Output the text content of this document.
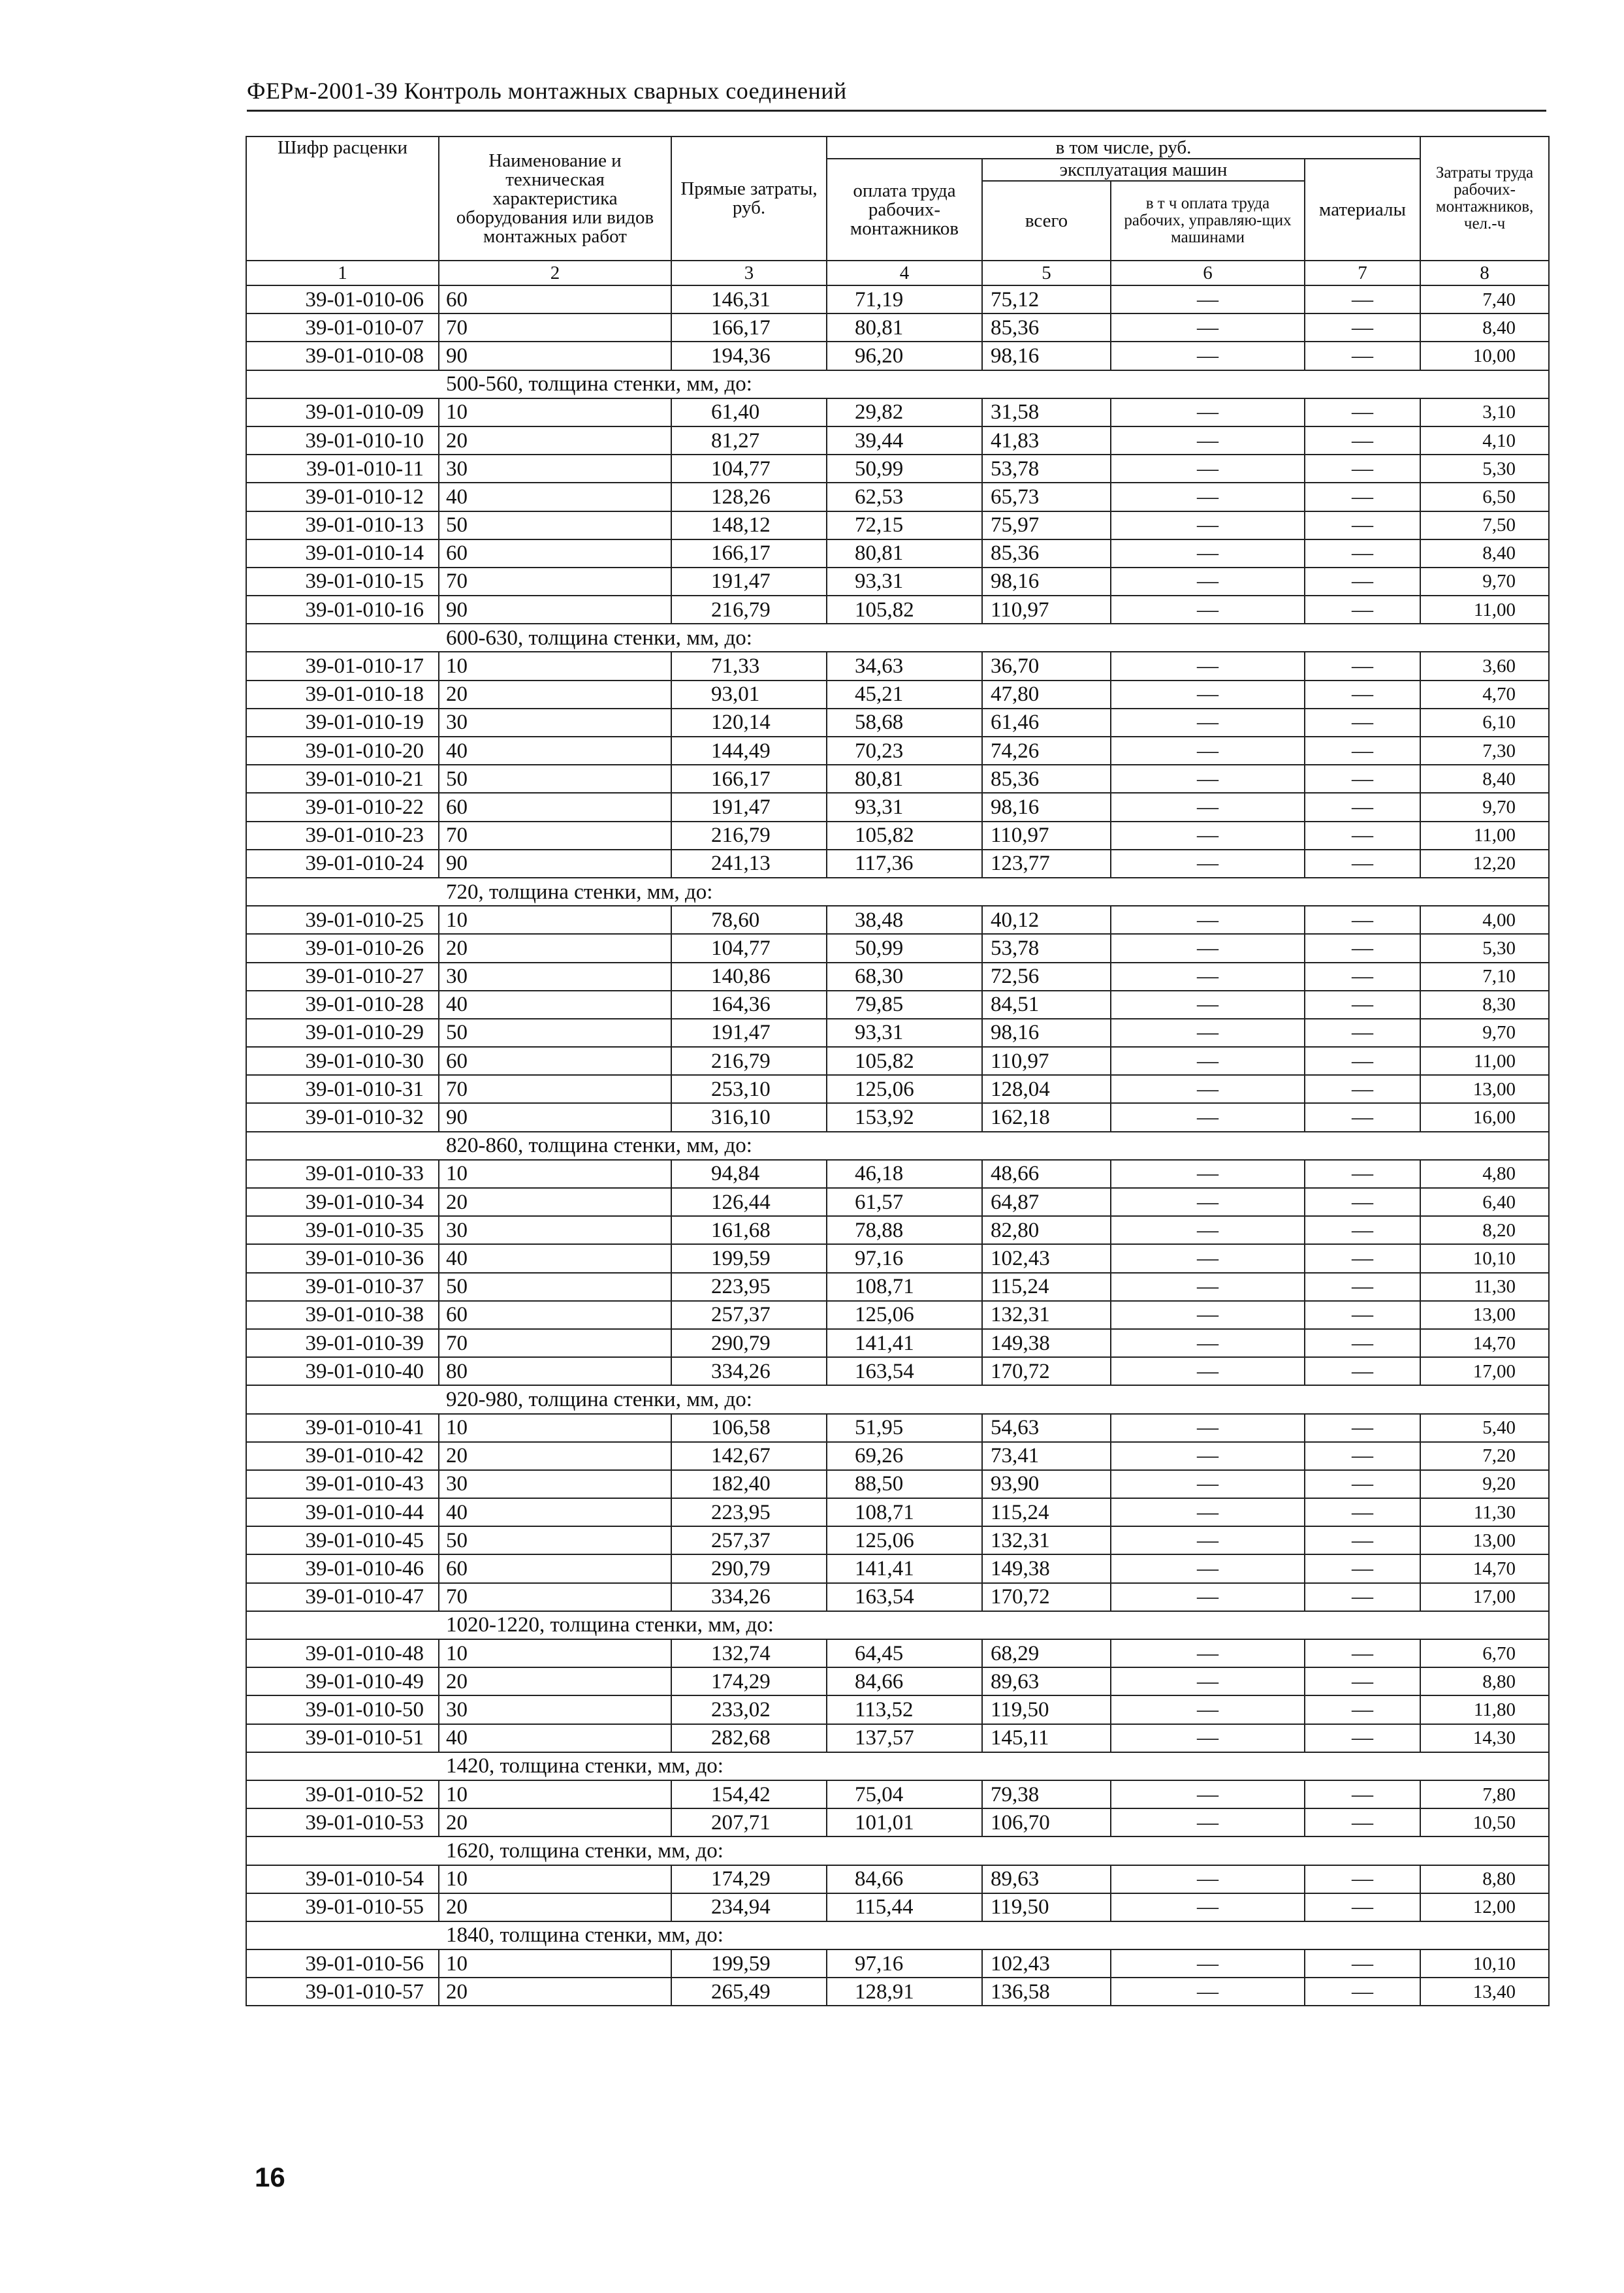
ФЕРм-2001-39 Контроль монтажных сварных соединений
Шифр расценки	Наименование и техническая характеристика оборудования или видов монтажных работ	Прямые затраты, руб.	в том числе, руб.				Затраты труда рабочих-монтажников, чел.-ч
			оплата труда рабочих-монтажников	эксплуатация машин		материалы	
				всего	в т ч оплата труда рабочих, управляю-щих машинами		
1	2	3	4	5	6	7	8
39-01-010-06	60	146,31	71,19	75,12	—	—	7,40
39-01-010-07	70	166,17	80,81	85,36	—	—	8,40
39-01-010-08	90	194,36	96,20	98,16	—	—	10,00
500-560, толщина стенки, мм, до:							
39-01-010-09	10	61,40	29,82	31,58	—	—	3,10
39-01-010-10	20	81,27	39,44	41,83	—	—	4,10
39-01-010-11	30	104,77	50,99	53,78	—	—	5,30
39-01-010-12	40	128,26	62,53	65,73	—	—	6,50
39-01-010-13	50	148,12	72,15	75,97	—	—	7,50
39-01-010-14	60	166,17	80,81	85,36	—	—	8,40
39-01-010-15	70	191,47	93,31	98,16	—	—	9,70
39-01-010-16	90	216,79	105,82	110,97	—	—	11,00
600-630, толщина стенки, мм, до:							
39-01-010-17	10	71,33	34,63	36,70	—	—	3,60
39-01-010-18	20	93,01	45,21	47,80	—	—	4,70
39-01-010-19	30	120,14	58,68	61,46	—	—	6,10
39-01-010-20	40	144,49	70,23	74,26	—	—	7,30
39-01-010-21	50	166,17	80,81	85,36	—	—	8,40
39-01-010-22	60	191,47	93,31	98,16	—	—	9,70
39-01-010-23	70	216,79	105,82	110,97	—	—	11,00
39-01-010-24	90	241,13	117,36	123,77	—	—	12,20
720, толщина стенки, мм, до:							
39-01-010-25	10	78,60	38,48	40,12	—	—	4,00
39-01-010-26	20	104,77	50,99	53,78	—	—	5,30
39-01-010-27	30	140,86	68,30	72,56	—	—	7,10
39-01-010-28	40	164,36	79,85	84,51	—	—	8,30
39-01-010-29	50	191,47	93,31	98,16	—	—	9,70
39-01-010-30	60	216,79	105,82	110,97	—	—	11,00
39-01-010-31	70	253,10	125,06	128,04	—	—	13,00
39-01-010-32	90	316,10	153,92	162,18	—	—	16,00
820-860, толщина стенки, мм, до:							
39-01-010-33	10	94,84	46,18	48,66	—	—	4,80
39-01-010-34	20	126,44	61,57	64,87	—	—	6,40
39-01-010-35	30	161,68	78,88	82,80	—	—	8,20
39-01-010-36	40	199,59	97,16	102,43	—	—	10,10
39-01-010-37	50	223,95	108,71	115,24	—	—	11,30
39-01-010-38	60	257,37	125,06	132,31	—	—	13,00
39-01-010-39	70	290,79	141,41	149,38	—	—	14,70
39-01-010-40	80	334,26	163,54	170,72	—	—	17,00
920-980, толщина стенки, мм, до:							
39-01-010-41	10	106,58	51,95	54,63	—	—	5,40
39-01-010-42	20	142,67	69,26	73,41	—	—	7,20
39-01-010-43	30	182,40	88,50	93,90	—	—	9,20
39-01-010-44	40	223,95	108,71	115,24	—	—	11,30
39-01-010-45	50	257,37	125,06	132,31	—	—	13,00
39-01-010-46	60	290,79	141,41	149,38	—	—	14,70
39-01-010-47	70	334,26	163,54	170,72	—	—	17,00
1020-1220, толщина стенки, мм, до:							
39-01-010-48	10	132,74	64,45	68,29	—	—	6,70
39-01-010-49	20	174,29	84,66	89,63	—	—	8,80
39-01-010-50	30	233,02	113,52	119,50	—	—	11,80
39-01-010-51	40	282,68	137,57	145,11	—	—	14,30
1420, толщина стенки, мм, до:							
39-01-010-52	10	154,42	75,04	79,38	—	—	7,80
39-01-010-53	20	207,71	101,01	106,70	—	—	10,50
1620, толщина стенки, мм, до:							
39-01-010-54	10	174,29	84,66	89,63	—	—	8,80
39-01-010-55	20	234,94	115,44	119,50	—	—	12,00
1840, толщина стенки, мм, до:							
39-01-010-56	10	199,59	97,16	102,43	—	—	10,10
39-01-010-57	20	265,49	128,91	136,58	—	—	13,40
16
